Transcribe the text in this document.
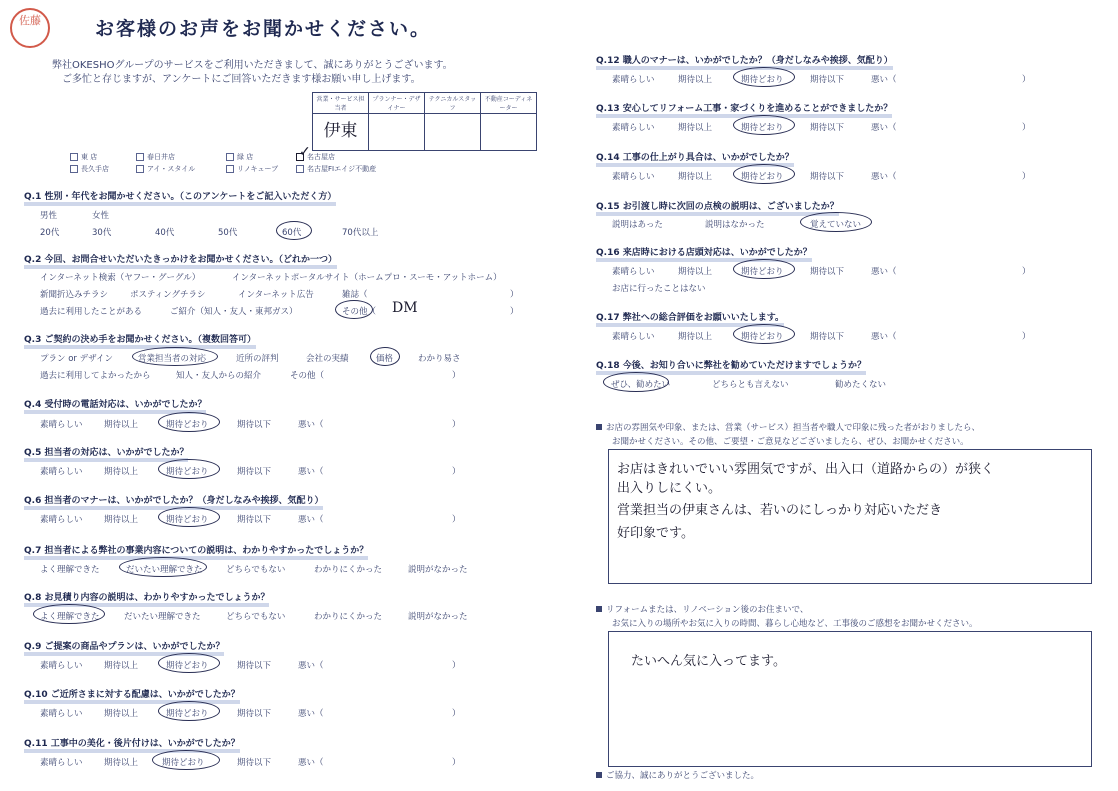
佐藤	お客様のお声をお聞かせください。
弊社OKESHOグループのサービスをご利用いただきまして、誠にありがとうございます。
ご多忙と存じますが、アンケートにご回答いただきます様お願い申し上げます。
営業・サービス担当者	プランナー・デザイナー	テクニカルスタッフ	不動産コーディネーター
伊東			
東 店	春日井店	緑 店	名古屋店
長久手店	アイ・スタイル	リノキューブ	名古屋FIエイジ不動産
✓
Q.1 性別・年代をお聞かせください。（このアンケートをご記入いただく方）
男性	女性
20代	30代	40代	50代	60代	70代以上
Q.2 今回、お問合せいただいたきっかけをお聞かせください。（どれか一つ）
インターネット検索（ヤフー・グーグル）	インターネットポータルサイト（ホームプロ・スーモ・アットホーム）
新聞折込みチラシ	ポスティングチラシ	インターネット広告	雑誌（	）
過去に利用したことがある	ご紹介（知人・友人・東邦ガス）	その他（ DM	）
Q.3 ご契約の決め手をお聞かせください。（複数回答可）
プラン or デザイン	営業担当者の対応	近所の評判	会社の実績	価格	わかり易さ
過去に利用してよかったから	知人・友人からの紹介	その他（	）
Q.4 受付時の電話対応は、いかがでしたか？
素晴らしい	期待以上	期待どおり	期待以下	悪い（	）
Q.5 担当者の対応は、いかがでしたか？
素晴らしい	期待以上	期待どおり	期待以下	悪い（	）
Q.6 担当者のマナーは、いかがでしたか？（身だしなみや挨拶、気配り）
素晴らしい	期待以上	期待どおり	期待以下	悪い（	）
Q.7 担当者による弊社の事業内容についての説明は、わかりやすかったでしょうか？
よく理解できた	だいたい理解できた	どちらでもない	わかりにくかった	説明がなかった
Q.8 お見積り内容の説明は、わかりやすかったでしょうか？
よく理解できた	だいたい理解できた	どちらでもない	わかりにくかった	説明がなかった
Q.9 ご提案の商品やプランは、いかがでしたか？
素晴らしい	期待以上	期待どおり	期待以下	悪い（	）
Q.10 ご近所さまに対する配慮は、いかがでしたか？
素晴らしい	期待以上	期待どおり	期待以下	悪い（	）
Q.11 工事中の美化・後片付けは、いかがでしたか？
素晴らしい	期待以上	期待どおり	期待以下	悪い（	）
Q.12 職人のマナーは、いかがでしたか？（身だしなみや挨拶、気配り）
素晴らしい	期待以上	期待どおり	期待以下	悪い（	）
Q.13 安心してリフォーム工事・家づくりを進めることができましたか？
素晴らしい	期待以上	期待どおり	期待以下	悪い（	）
Q.14 工事の仕上がり具合は、いかがでしたか？
素晴らしい	期待以上	期待どおり	期待以下	悪い（	）
Q.15 お引渡し時に次回の点検の説明は、ございましたか？
説明はあった	説明はなかった	覚えていない
Q.16 来店時における店頭対応は、いかがでしたか？
素晴らしい	期待以上	期待どおり	期待以下	悪い（	）
お店に行ったことはない
Q.17 弊社への総合評価をお願いいたします。
素晴らしい	期待以上	期待どおり	期待以下	悪い（	）
Q.18 今後、お知り合いに弊社を勧めていただけますでしょうか？
ぜひ、勧めたい	どちらとも言えない	勧めたくない
お店の雰囲気や印象、または、営業（サービス）担当者や職人で印象に残った者がおりましたら、
お聞かせください。その他、ご要望・ご意見などございましたら、ぜひ、お聞かせください。
お店はきれいでいい雰囲気ですが、出入口（道路からの）が狭く
出入りしにくい。
営業担当の伊東さんは、若いのにしっかり対応いただき
好印象です。
リフォームまたは、リノベーション後のお住まいで、
お気に入りの場所やお気に入りの時間、暮らし心地など、工事後のご感想をお聞かせください。
たいへん気に入ってます。
ご協力、誠にありがとうございました。
